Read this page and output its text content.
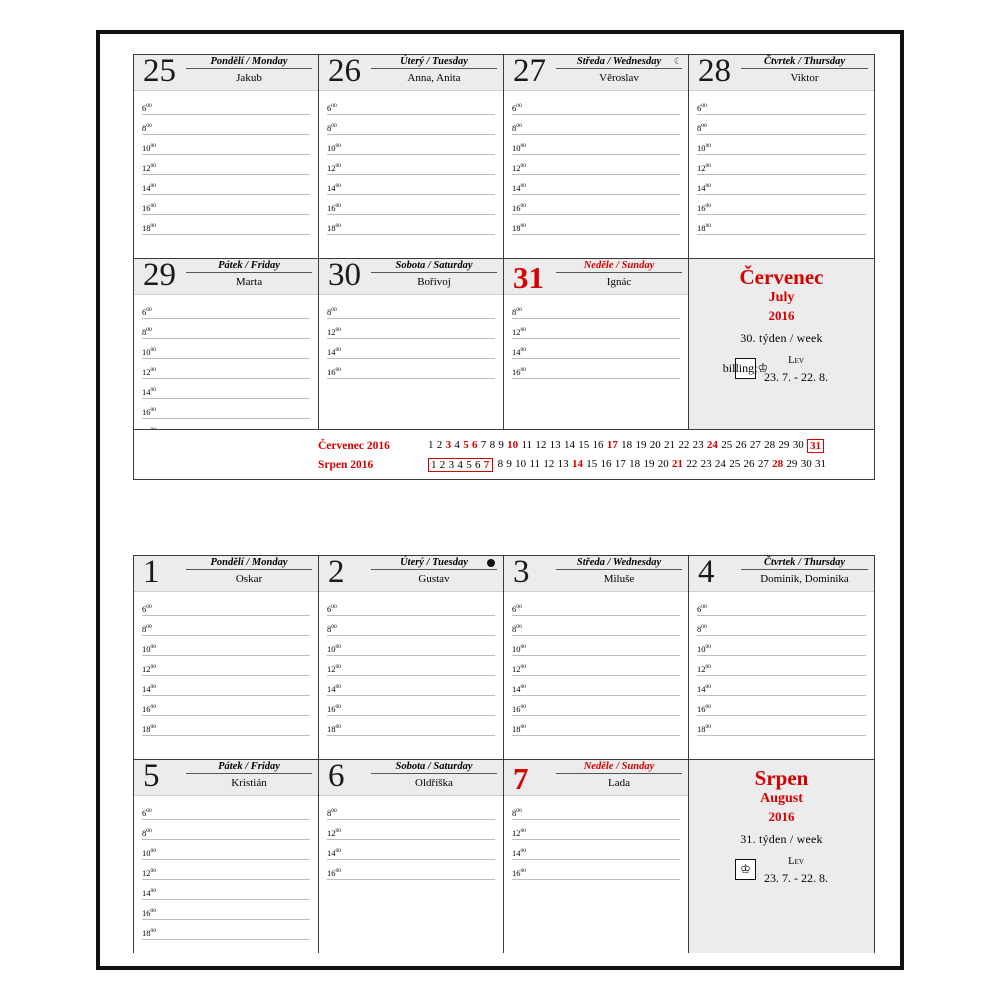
25	Pondělí / Monday
Jakub
$6^{00}$
$8^{00}$
$10^{00}$
$12^{00}$
$14^{00}$
$16^{00}$
$18^{00}$
26	Úterý / Tuesday
Anna, Anita
$6^{00}$
$8^{00}$
$10^{00}$
$12^{00}$
$14^{00}$
$16^{00}$
$18^{00}$
27	Středa / Wednesday	☾
Věroslav
$6^{00}$
$8^{00}$
$10^{00}$
$12^{00}$
$14^{00}$
$16^{00}$
$18^{00}$
28	Čtvrtek / Thursday
Viktor
$6^{00}$
$8^{00}$
$10^{00}$
$12^{00}$
$14^{00}$
$16^{00}$
$18^{00}$
29	Pátek / Friday
Marta
$6^{00}$
$8^{00}$
$10^{00}$
$12^{00}$
$14^{00}$
$16^{00}$
30	Sobota / Saturday
Bořivoj
$8^{00}$
$12^{00}$
$14^{00}$
$16^{00}$
31	Neděle / Sunday
Ignác
$8^{00}$
$12^{00}$
$14^{00}$
$16^{00}$
Červenec
July
2016
30. týden / week
billing;♔
Lev
23. 7. - 22. 8.
Červenec 2016	1 2 3 4 5 6 7 8 9 10 11 12 13 14 15 16 17 18 19 20 21 22 23 24 25 26 27 28 29 30 31
Srpen 2016	1 2 3 4 5 6 7 8 9 10 11 12 13 14 15 16 17 18 19 20 21 22 23 24 25 26 27 28 29 30 31
1	Pondělí / Monday
Oskar
$6^{00}$
$8^{00}$
$10^{00}$
$12^{00}$
$14^{00}$
$16^{00}$
$18^{00}$
2	Úterý / Tuesday
Gustav
$6^{00}$
$8^{00}$
$10^{00}$
$12^{00}$
$14^{00}$
$16^{00}$
$18^{00}$
3	Středa / Wednesday
Miluše
$6^{00}$
$8^{00}$
$10^{00}$
$12^{00}$
$14^{00}$
$16^{00}$
$18^{00}$
4	Čtvrtek / Thursday
Dominik, Dominika
$6^{00}$
$8^{00}$
$10^{00}$
$12^{00}$
$14^{00}$
$16^{00}$
$18^{00}$
5	Pátek / Friday
Kristián
$6^{00}$
$8^{00}$
$10^{00}$
$12^{00}$
$14^{00}$
$16^{00}$
$18^{00}$
6	Sobota / Saturday
Oldřiška
$8^{00}$
$12^{00}$
$14^{00}$
$16^{00}$
7	Neděle / Sunday
Lada
$8^{00}$
$12^{00}$
$14^{00}$
$16^{00}$
Srpen
August
2016
31. týden / week
♔
Lev
23. 7. - 22. 8.
